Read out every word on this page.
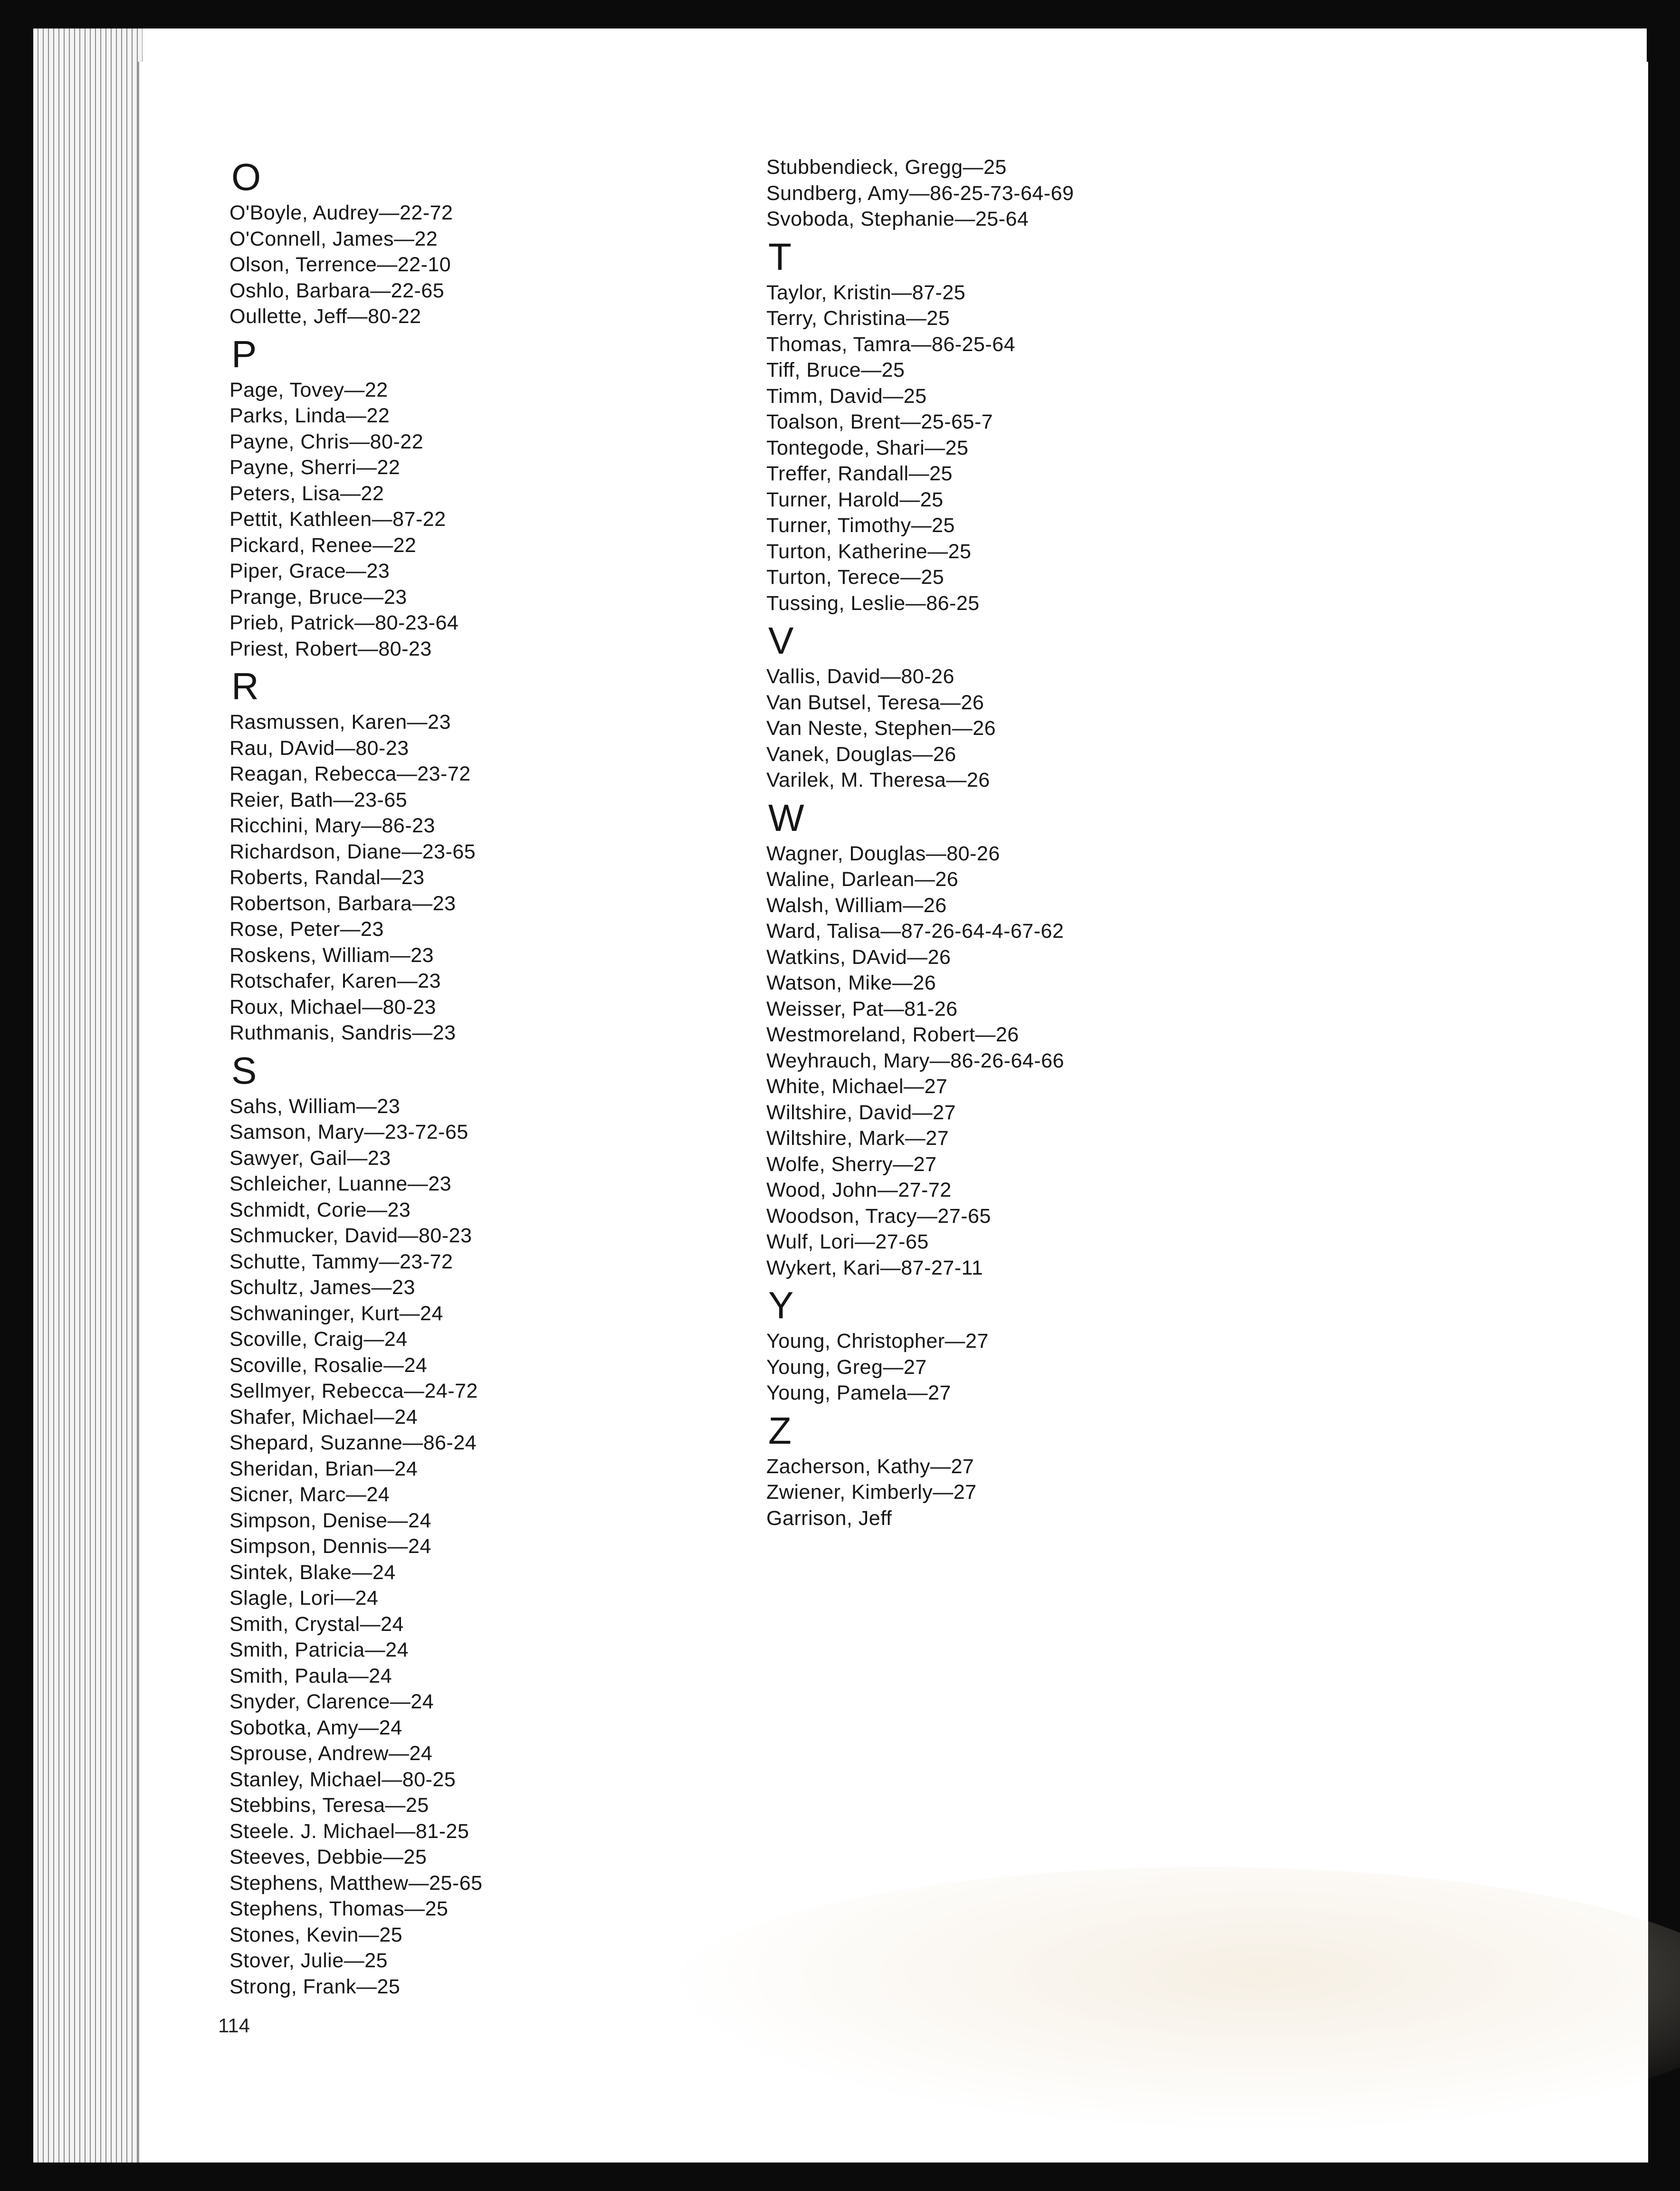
O
O'Boyle, Audrey—22-72
O'Connell, James—22
Olson, Terrence—22-10
Oshlo, Barbara—22-65
Oullette, Jeff—80-22
P
Page, Tovey—22
Parks, Linda—22
Payne, Chris—80-22
Payne, Sherri—22
Peters, Lisa—22
Pettit, Kathleen—87-22
Pickard, Renee—22
Piper, Grace—23
Prange, Bruce—23
Prieb, Patrick—80-23-64
Priest, Robert—80-23
R
Rasmussen, Karen—23
Rau, DAvid—80-23
Reagan, Rebecca—23-72
Reier, Bath—23-65
Ricchini, Mary—86-23
Richardson, Diane—23-65
Roberts, Randal—23
Robertson, Barbara—23
Rose, Peter—23
Roskens, William—23
Rotschafer, Karen—23
Roux, Michael—80-23
Ruthmanis, Sandris—23
S
Sahs, William—23
Samson, Mary—23-72-65
Sawyer, Gail—23
Schleicher, Luanne—23
Schmidt, Corie—23
Schmucker, David—80-23
Schutte, Tammy—23-72
Schultz, James—23
Schwaninger, Kurt—24
Scoville, Craig—24
Scoville, Rosalie—24
Sellmyer, Rebecca—24-72
Shafer, Michael—24
Shepard, Suzanne—86-24
Sheridan, Brian—24
Sicner, Marc—24
Simpson, Denise—24
Simpson, Dennis—24
Sintek, Blake—24
Slagle, Lori—24
Smith, Crystal—24
Smith, Patricia—24
Smith, Paula—24
Snyder, Clarence—24
Sobotka, Amy—24
Sprouse, Andrew—24
Stanley, Michael—80-25
Stebbins, Teresa—25
Steele. J. Michael—81-25
Steeves, Debbie—25
Stephens, Matthew—25-65
Stephens, Thomas—25
Stones, Kevin—25
Stover, Julie—25
Strong, Frank—25
Stubbendieck, Gregg—25
Sundberg, Amy—86-25-73-64-69
Svoboda, Stephanie—25-64
T
Taylor, Kristin—87-25
Terry, Christina—25
Thomas, Tamra—86-25-64
Tiff, Bruce—25
Timm, David—25
Toalson, Brent—25-65-7
Tontegode, Shari—25
Treffer, Randall—25
Turner, Harold—25
Turner, Timothy—25
Turton, Katherine—25
Turton, Terece—25
Tussing, Leslie—86-25
V
Vallis, David—80-26
Van Butsel, Teresa—26
Van Neste, Stephen—26
Vanek, Douglas—26
Varilek, M. Theresa—26
W
Wagner, Douglas—80-26
Waline, Darlean—26
Walsh, William—26
Ward, Talisa—87-26-64-4-67-62
Watkins, DAvid—26
Watson, Mike—26
Weisser, Pat—81-26
Westmoreland, Robert—26
Weyhrauch, Mary—86-26-64-66
White, Michael—27
Wiltshire, David—27
Wiltshire, Mark—27
Wolfe, Sherry—27
Wood, John—27-72
Woodson, Tracy—27-65
Wulf, Lori—27-65
Wykert, Kari—87-27-11
Y
Young, Christopher—27
Young, Greg—27
Young, Pamela—27
Z
Zacherson, Kathy—27
Zwiener, Kimberly—27
Garrison, Jeff
114
